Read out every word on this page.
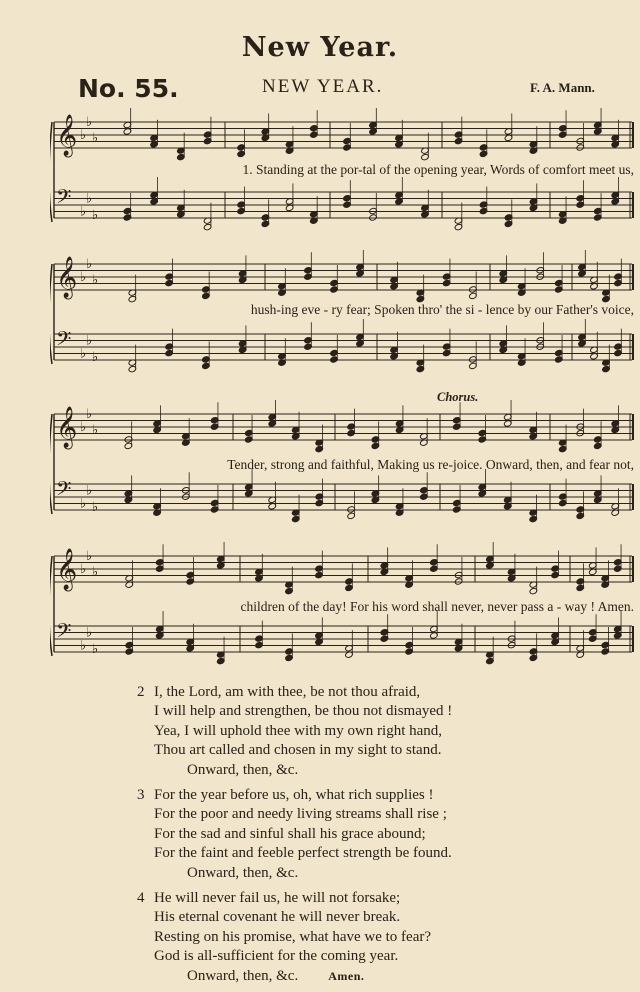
New Year.
No. 55.	NEW YEAR.	F. A. Mann.
𝄞 ♭
♭
♭
𝄢 ♭
♭
♭
1. Standing at the por-tal of the opening year, Words of comfort meet us,
𝄞 ♭
♭
♭
𝄢 ♭
♭
♭
hush-ing eve - ry fear; Spoken thro' the si - lence by our Father's voice,
Chorus.
𝄞 ♭
♭
♭
𝄢 ♭
♭
♭
Tender, strong and faithful, Making us re-joice. Onward, then, and fear not,
𝄞 ♭
♭
♭
𝄢 ♭
♭
♭
children of the day! For his word shall never, never pass a - way ! Amen.
2 I, the Lord, am with thee, be not thou afraid,
I will help and strengthen, be thou not dismayed !
Yea, I will uphold thee with my own right hand,
Thou art called and chosen in my sight to stand.
Onward, then, &c.
3 For the year before us, oh, what rich supplies !
For the poor and needy living streams shall rise ;
For the sad and sinful shall his grace abound;
For the faint and feeble perfect strength be found.
Onward, then, &c.
4 He will never fail us, he will not forsake;
His eternal covenant he will never break.
Resting on his promise, what have we to fear?
God is all-sufficient for the coming year.
Onward, then, &c.	Amen.
